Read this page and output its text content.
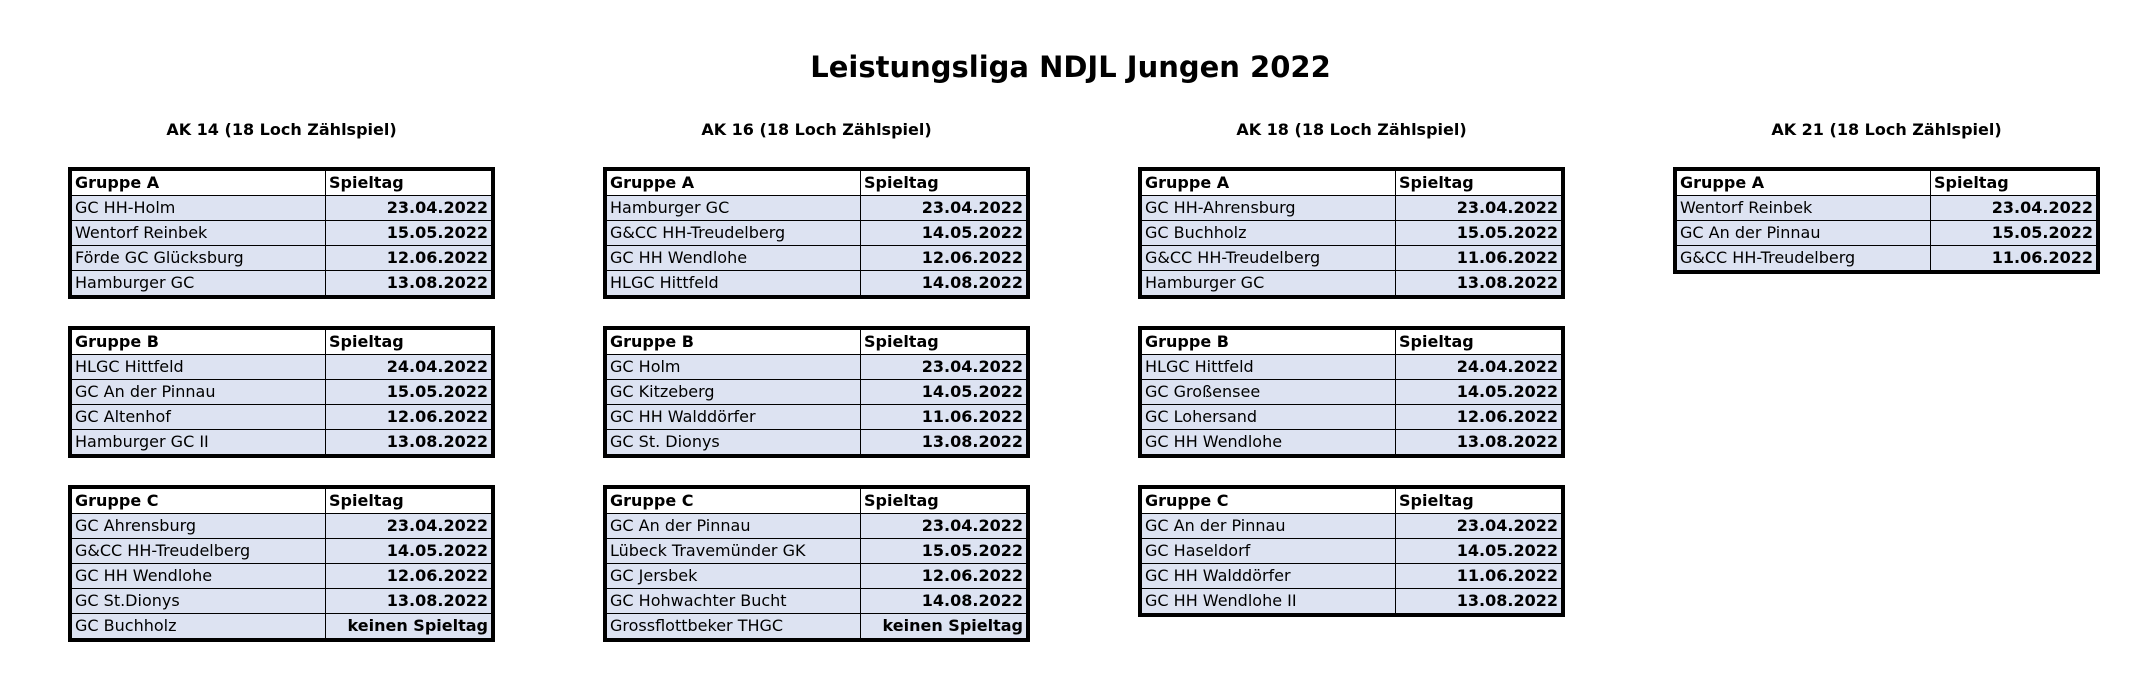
Leistungsliga NDJL Jungen 2022
AK 14 (18 Loch Zählspiel)
Gruppe A	Spieltag
GC HH-Holm	23.04.2022
Wentorf Reinbek	15.05.2022
Förde GC Glücksburg	12.06.2022
Hamburger GC	13.08.2022
Gruppe B	Spieltag
HLGC Hittfeld	24.04.2022
GC An der Pinnau	15.05.2022
GC Altenhof	12.06.2022
Hamburger GC II	13.08.2022
Gruppe C	Spieltag
GC Ahrensburg	23.04.2022
G&CC HH-Treudelberg	14.05.2022
GC HH Wendlohe	12.06.2022
GC St.Dionys	13.08.2022
GC Buchholz	keinen Spieltag
AK 16 (18 Loch Zählspiel)
Gruppe A	Spieltag
Hamburger GC	23.04.2022
G&CC HH-Treudelberg	14.05.2022
GC HH Wendlohe	12.06.2022
HLGC Hittfeld	14.08.2022
Gruppe B	Spieltag
GC Holm	23.04.2022
GC Kitzeberg	14.05.2022
GC HH Walddörfer	11.06.2022
GC St. Dionys	13.08.2022
Gruppe C	Spieltag
GC An der Pinnau	23.04.2022
Lübeck Travemünder GK	15.05.2022
GC Jersbek	12.06.2022
GC Hohwachter Bucht	14.08.2022
Grossflottbeker THGC	keinen Spieltag
AK 18 (18 Loch Zählspiel)
Gruppe A	Spieltag
GC HH-Ahrensburg	23.04.2022
GC Buchholz	15.05.2022
G&CC HH-Treudelberg	11.06.2022
Hamburger GC	13.08.2022
Gruppe B	Spieltag
HLGC Hittfeld	24.04.2022
GC Großensee	14.05.2022
GC Lohersand	12.06.2022
GC HH Wendlohe	13.08.2022
Gruppe C	Spieltag
GC An der Pinnau	23.04.2022
GC Haseldorf	14.05.2022
GC HH Walddörfer	11.06.2022
GC HH Wendlohe II	13.08.2022
AK 21 (18 Loch Zählspiel)
Gruppe A	Spieltag
Wentorf Reinbek	23.04.2022
GC An der Pinnau	15.05.2022
G&CC HH-Treudelberg	11.06.2022
